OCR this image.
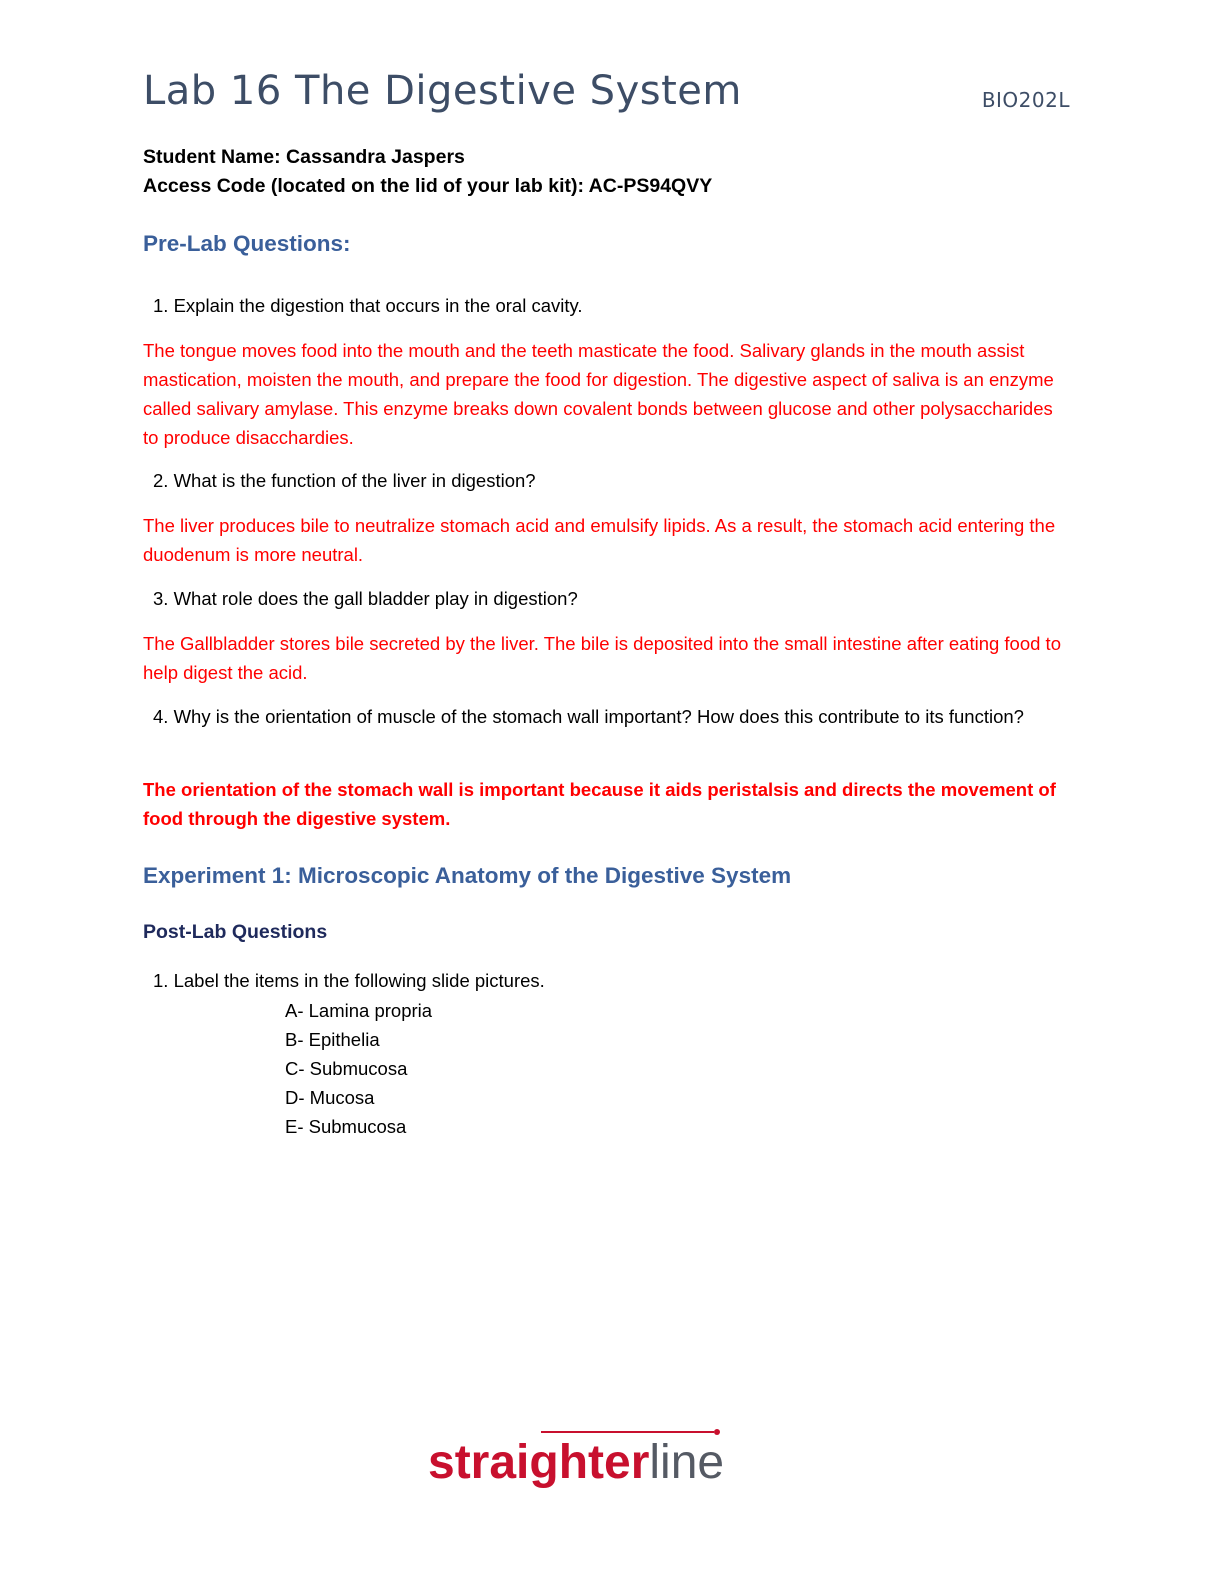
Lab 16 The Digestive System	BIO202L
Student Name: Cassandra Jaspers
Access Code (located on the lid of your lab kit): AC-PS94QVY
Pre-Lab Questions:

1. Explain the digestion that occurs in the oral cavity.

The tongue moves food into the mouth and the teeth masticate the food. Salivary glands in the mouth assist mastication, moisten the mouth, and prepare the food for digestion. The digestive aspect of saliva is an enzyme called salivary amylase. This enzyme breaks down covalent bonds between glucose and other polysaccharides to produce disacchardies.

2. What is the function of the liver in digestion?

The liver produces bile to neutralize stomach acid and emulsify lipids. As a result, the stomach acid entering the duodenum is more neutral.

3. What role does the gall bladder play in digestion?

The Gallbladder stores bile secreted by the liver. The bile is deposited into the small intestine after eating food to help digest the acid.

4. Why is the orientation of muscle of the stomach wall important? How does this contribute to its function?

The orientation of the stomach wall is important because it aids peristalsis and directs the movement of food through the digestive system.

Experiment 1: Microscopic Anatomy of the Digestive System
Post-Lab Questions

1. Label the items in the following slide pictures.

A- Lamina propria
B- Epithelia
C- Submucosa
D- Mucosa
E- Submucosa
straighterline
